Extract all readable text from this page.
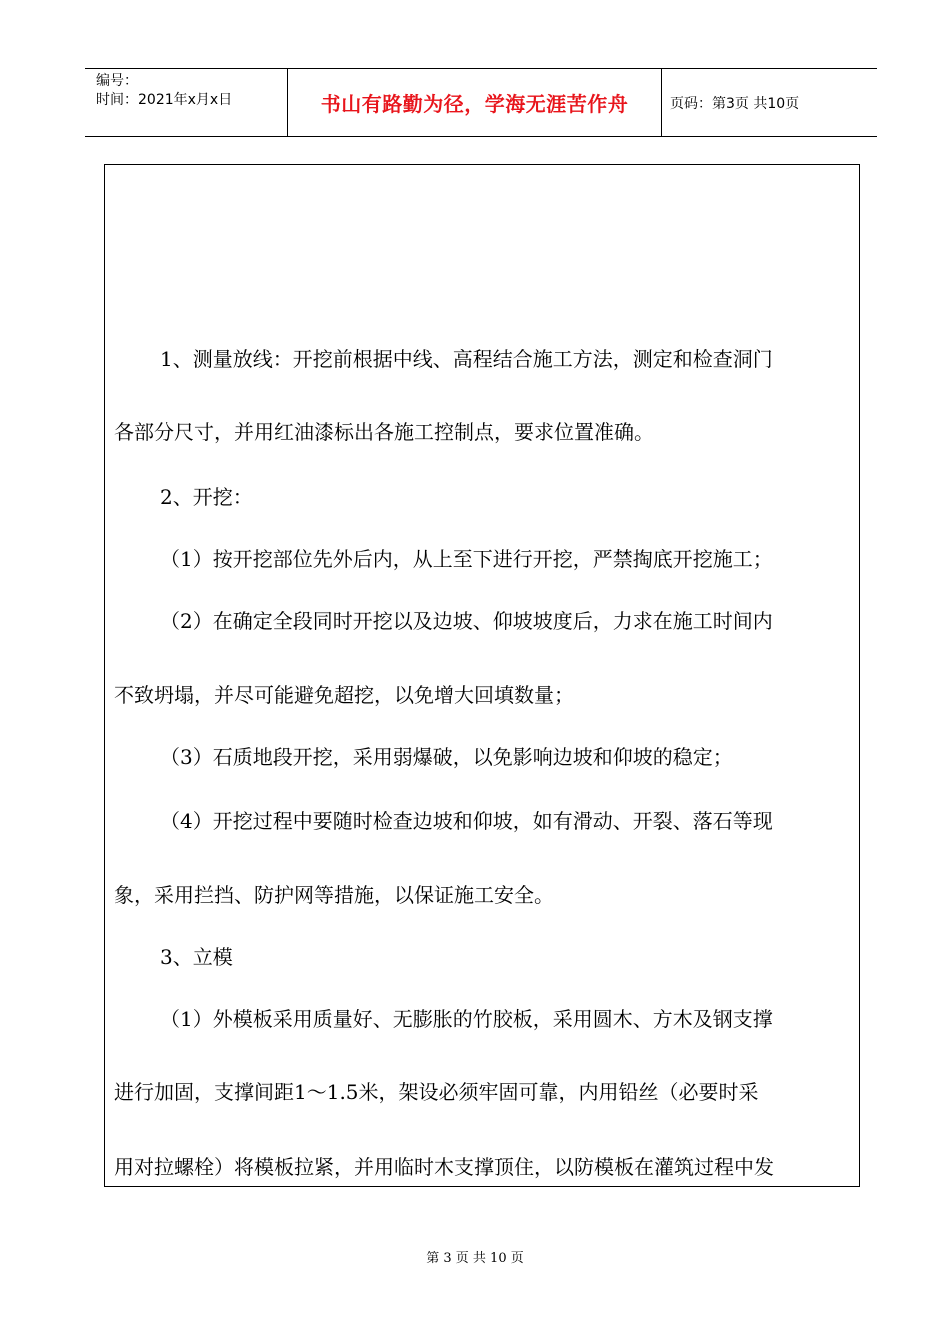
编号：
时间：2021年x月x日	书山有路勤为径，学海无涯苦作舟	页码：第3页 共10页
1、测量放线：开挖前根据中线、高程结合施工方法，测定和检查洞门
各部分尺寸，并用红油漆标出各施工控制点，要求位置准确。
2、开挖：
（1）按开挖部位先外后内，从上至下进行开挖，严禁掏底开挖施工；
（2）在确定全段同时开挖以及边坡、仰坡坡度后，力求在施工时间内
不致坍塌，并尽可能避免超挖，以免增大回填数量；
（3）石质地段开挖，采用弱爆破，以免影响边坡和仰坡的稳定；
（4）开挖过程中要随时检查边坡和仰坡，如有滑动、开裂、落石等现
象，采用拦挡、防护网等措施，以保证施工安全。
3、立模
（1）外模板采用质量好、无膨胀的竹胶板，采用圆木、方木及钢支撑
进行加固，支撑间距1～1.5米，架设必须牢固可靠，内用铅丝（必要时采
用对拉螺栓）将模板拉紧，并用临时木支撑顶住，以防模板在灌筑过程中发
第 3 页 共 10 页
